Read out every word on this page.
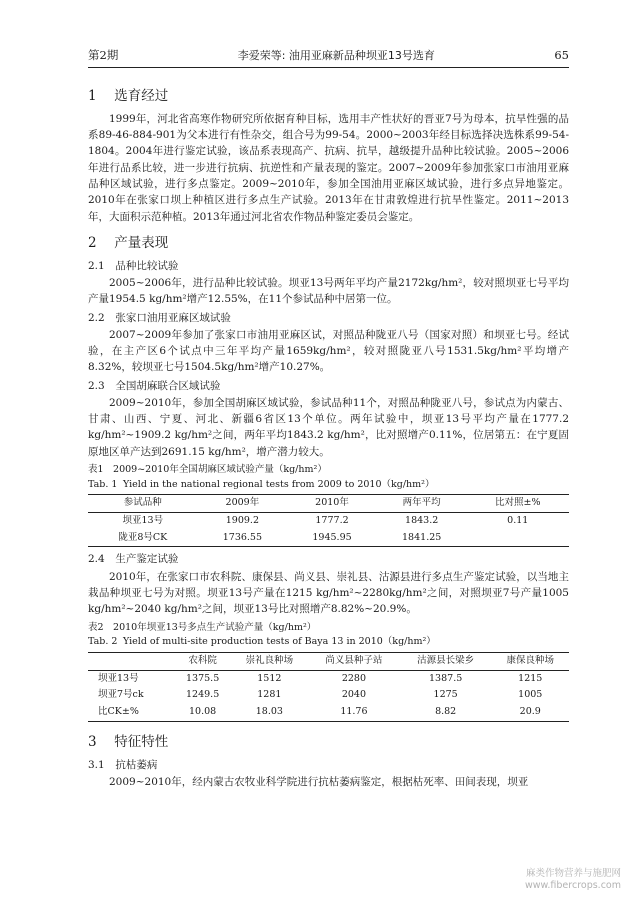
第2期	李爱荣等: 油用亚麻新品种坝亚13号选育	65
1 选育经过

1999年，河北省高寒作物研究所依据育种目标，选用丰产性状好的晋亚7号为母本，抗旱性强的品系89-46-884-901为父本进行有性杂交，组合号为99-54。2000~2003年经目标选择决选株系99-54-1804。2004年进行鉴定试验，该品系表现高产、抗病、抗旱，越级提升品种比较试验。2005~2006年进行品系比较，进一步进行抗病、抗逆性和产量表现的鉴定。2007~2009年参加张家口市油用亚麻品种区域试验，进行多点鉴定。2009~2010年，参加全国油用亚麻区域试验，进行多点异地鉴定。2010年在张家口坝上种植区进行多点生产试验。2013年在甘肃敦煌进行抗旱性鉴定。2011~2013年，大面积示范种植。2013年通过河北省农作物品种鉴定委员会鉴定。

2 产量表现
2.1 品种比较试验

2005~2006年，进行品种比较试验。坝亚13号两年平均产量2172kg/hm²，较对照坝亚七号平均产量1954.5 kg/hm²增产12.55%，在11个参试品种中居第一位。

2.2 张家口油用亚麻区域试验

2007~2009年参加了张家口市油用亚麻区试，对照品种陇亚八号（国家对照）和坝亚七号。经试验，在主产区6个试点中三年平均产量1659kg/hm²，较对照陇亚八号1531.5kg/hm²平均增产8.32%，较坝亚七号1504.5kg/hm²增产10.27%。

2.3 全国胡麻联合区域试验

2009~2010年，参加全国胡麻区域试验，参试品种11个，对照品种陇亚八号，参试点为内蒙古、甘肃、山西、宁夏、河北、新疆6省区13个单位。两年试验中，坝亚13号平均产量在1777.2 kg/hm²~1909.2 kg/hm²之间，两年平均1843.2 kg/hm²，比对照增产0.11%，位居第五：在宁夏固原地区单产达到2691.15 kg/hm²，增产潜力较大。

表1 2009~2010年全国胡麻区域试验产量（kg/hm²）
Tab. 1 Yield in the national regional tests from 2009 to 2010（kg/hm²）
参试品种	2009年	2010年	两年平均	比对照±%
坝亚13号	1909.2	1777.2	1843.2	0.11
陇亚8号CK	1736.55	1945.95	1841.25	
2.4 生产鉴定试验

2010年，在张家口市农科院、康保县、尚义县、崇礼县、沽源县进行多点生产鉴定试验，以当地主栽品种坝亚七号为对照。坝亚13号产量在1215 kg/hm²~2280kg/hm²之间，对照坝亚7号产量1005 kg/hm²~2040 kg/hm²之间，坝亚13号比对照增产8.82%~20.9%。

表2 2010年坝亚13号多点生产试验产量（kg/hm²）
Tab. 2 Yield of multi-site production tests of Baya 13 in 2010（kg/hm²）
	农科院	崇礼良种场	尚义县种子站	沽源县长梁乡	康保良种场
坝亚13号	1375.5	1512	2280	1387.5	1215
坝亚7号ck	1249.5	1281	2040	1275	1005
比CK±%	10.08	18.03	11.76	8.82	20.9
3 特征特性
3.1 抗枯萎病

2009~2010年，经内蒙古农牧业科学院进行抗枯萎病鉴定，根据枯死率、田间表现，坝亚

麻类作物营养与施肥网
www.fibercrops.com
